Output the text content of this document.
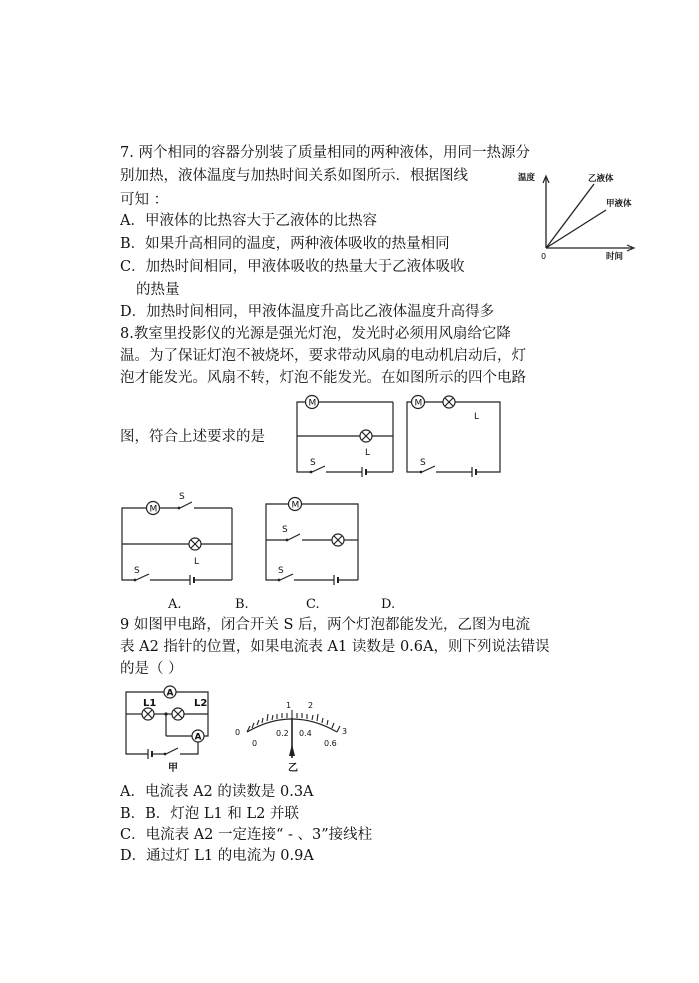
7. 两个相同的容器分别装了质量相同的两种液体，用同一热源分
别加热，液体温度与加热时间关系如图所示．根据图线
可知 ：
A．甲液体的比热容大于乙液体的比热容
B．如果升高相同的温度，两种液体吸收的热量相同
C．加热时间相同，甲液体吸收的热量大于乙液体吸收
的热量
D．加热时间相同，甲液体温度升高比乙液体温度升高得多
温度
时间
0
乙液体
甲液体
8.教室里投影仪的光源是强光灯泡，发光时必须用风扇给它降
温。为了保证灯泡不被烧坏，要求带动风扇的电动机启动后，灯
泡才能发光。风扇不转，灯泡不能发光。在如图所示的四个电路
图，符合上述要求的是
M
L
S
M
L
S
M
S
L
S
M
S
S
A.	B.	C.	D.
9 如图甲电路，闭合开关 S 后，两个灯泡都能发光，乙图为电流
表 A2 指针的位置，如果电流表 A1 读数是 0.6A，则下列说法错误
的是（ ）
A
L1	L2
A
甲
0
1 2
3
0
0.2 0.4
0.6
乙
A．电流表 A2 的读数是 0.3A
B．B．灯泡 L1 和 L2 并联
C．电流表 A2 一定连接“ - 、3”接线柱
D．通过灯 L1 的电流为 0.9A
